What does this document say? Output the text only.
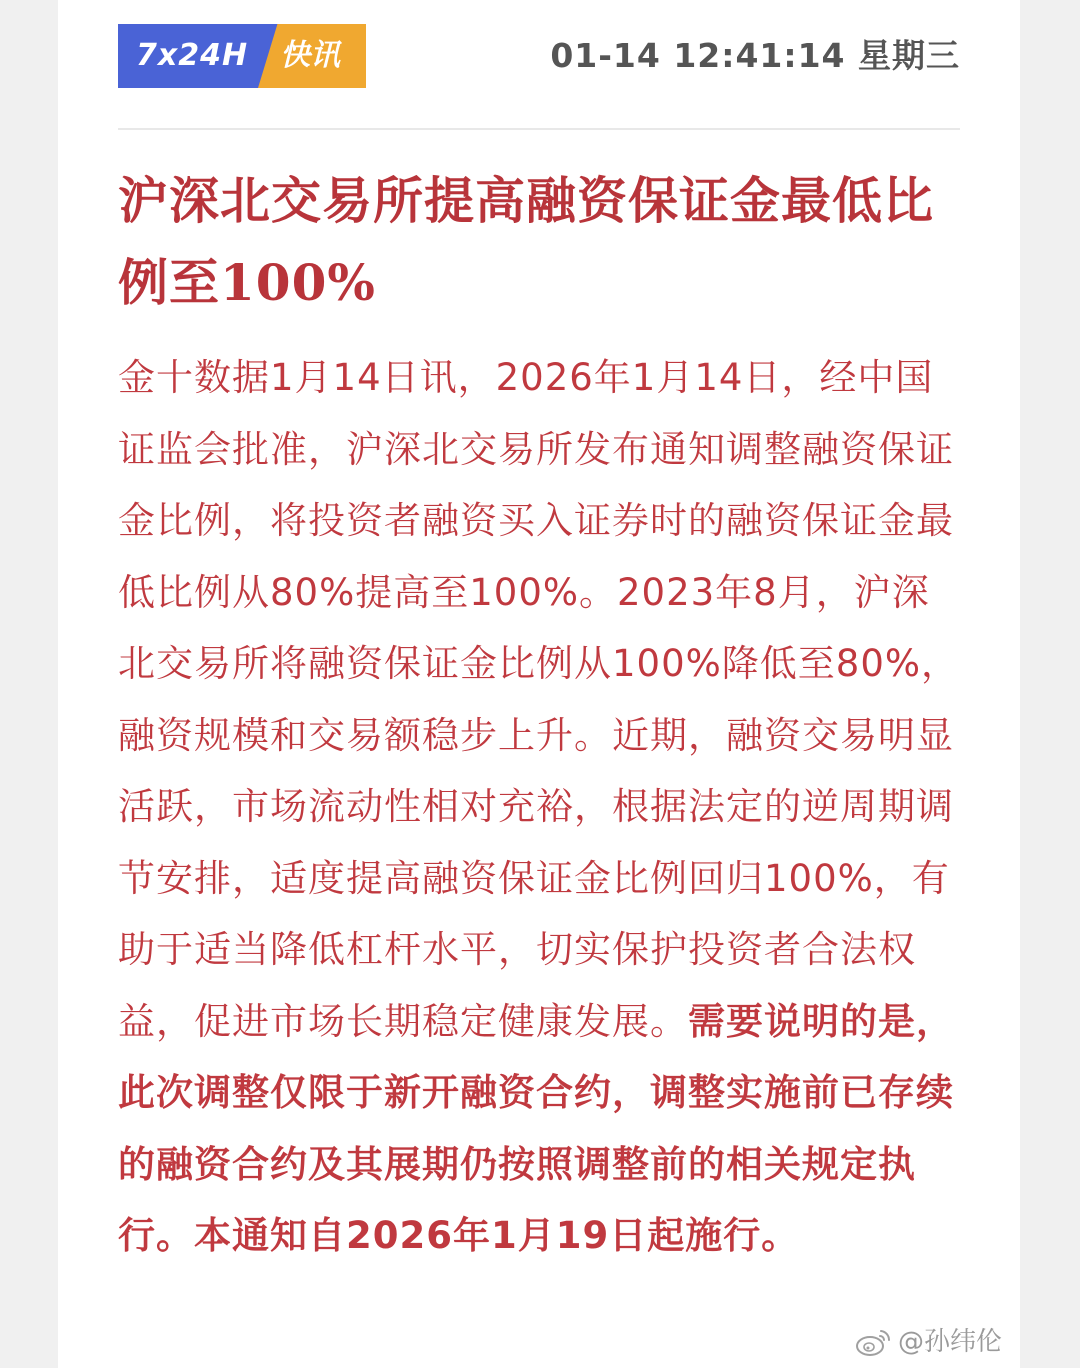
7x24H 快讯	01-14 12:41:14 星期三
沪深北交易所提高融资保证金最低比例至100%

金十数据1月14日讯，2026年1月14日，经中国证监会批准，沪深北交易所发布通知调整融资保证金比例，将投资者融资买入证券时的融资保证金最低比例从80%提高至100%。2023年8月，沪深北交易所将融资保证金比例从100%降低至80%，融资规模和交易额稳步上升。近期，融资交易明显活跃，市场流动性相对充裕，根据法定的逆周期调节安排，适度提高融资保证金比例回归100%，有助于适当降低杠杆水平，切实保护投资者合法权益，促进市场长期稳定健康发展。需要说明的是，此次调整仅限于新开融资合约，调整实施前已存续的融资合约及其展期仍按照调整前的相关规定执行。本通知自2026年1月19日起施行。

@孙纬伦
